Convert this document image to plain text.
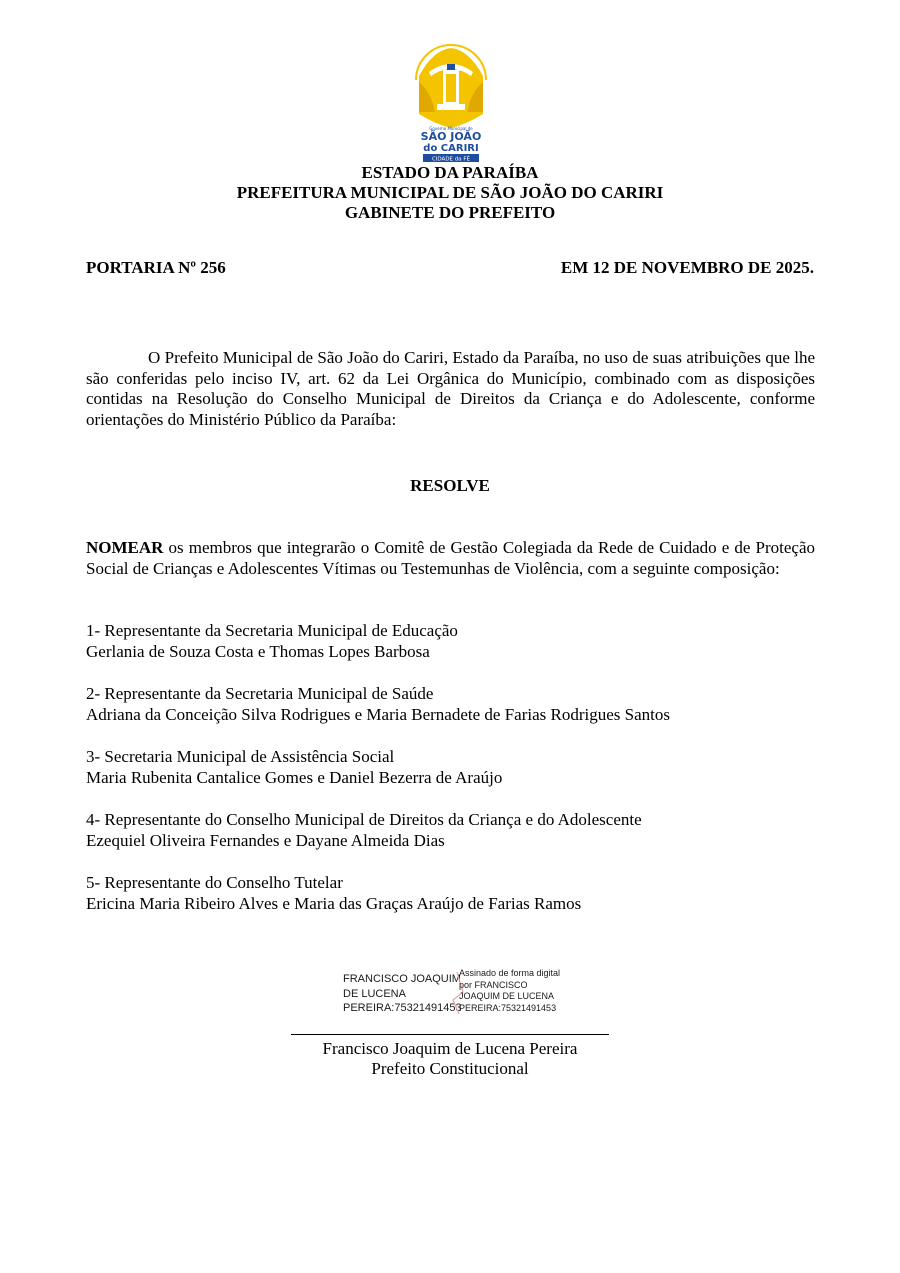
Governo Municipal de
SÃO JOÃO
do CARIRI
CIDADE da FÉ
ESTADO DA PARAÍBA
PREFEITURA MUNICIPAL DE SÃO JOÃO DO CARIRI
GABINETE DO PREFEITO
PORTARIA Nº 256	EM 12 DE NOVEMBRO DE 2025.
O Prefeito Municipal de São João do Cariri, Estado da Paraíba, no uso de suas atribuições que lhe são conferidas pelo inciso IV, art. 62 da Lei Orgânica do Município, combinado com as disposições contidas na Resolução do Conselho Municipal de Direitos da Criança e do Adolescente, conforme orientações do Ministério Público da Paraíba:
RESOLVE
NOMEAR os membros que integrarão o Comitê de Gestão Colegiada da Rede de Cuidado e de Proteção Social de Crianças e Adolescentes Vítimas ou Testemunhas de Violência, com a seguinte composição:
1- Representante da Secretaria Municipal de Educação
Gerlania de Souza Costa e Thomas Lopes Barbosa
2- Representante da Secretaria Municipal de Saúde
Adriana da Conceição Silva Rodrigues e Maria Bernadete de Farias Rodrigues Santos
3- Secretaria Municipal de Assistência Social
Maria Rubenita Cantalice Gomes e Daniel Bezerra de Araújo
4- Representante do Conselho Municipal de Direitos da Criança e do Adolescente
Ezequiel Oliveira Fernandes e Dayane Almeida Dias
5- Representante do Conselho Tutelar
Ericina Maria Ribeiro Alves e Maria das Graças Araújo de Farias Ramos
FRANCISCO JOAQUIM
DE LUCENA
PEREIRA:75321491453
Assinado de forma digital
por FRANCISCO
JOAQUIM DE LUCENA
PEREIRA:75321491453
Francisco Joaquim de Lucena Pereira
Prefeito Constitucional
